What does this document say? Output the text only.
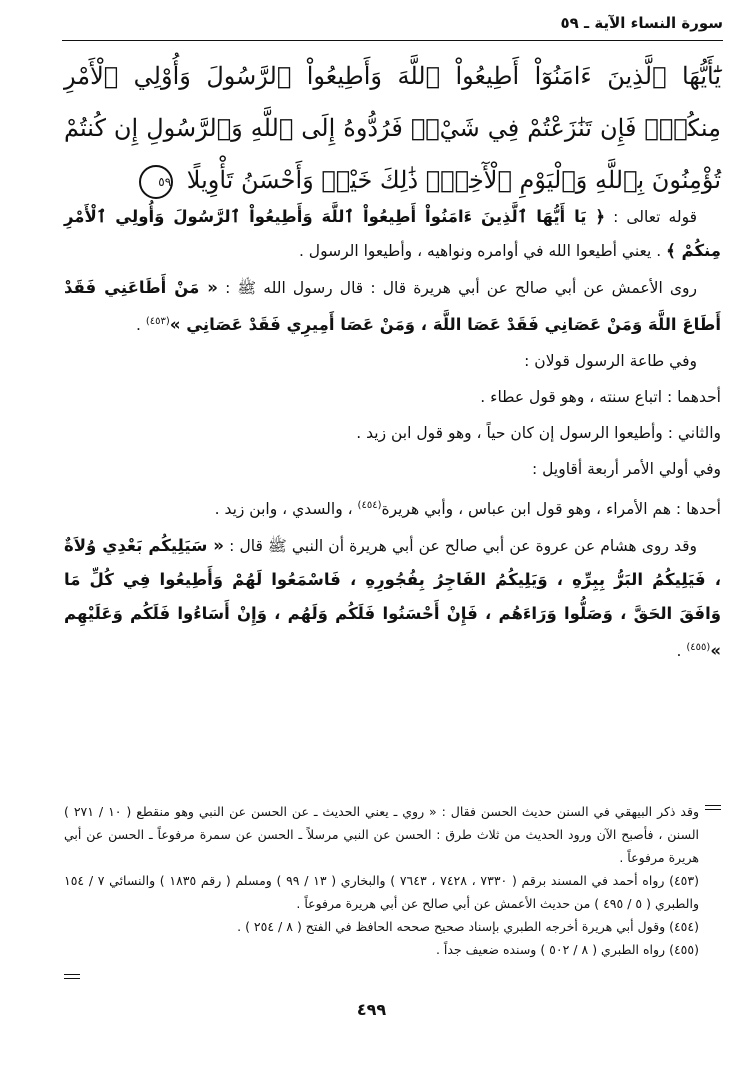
سورة النساء الآية ـ ٥٩
يَٰٓأَيُّهَا ٱلَّذِينَ ءَامَنُوٓاْ أَطِيعُواْ ٱللَّهَ وَأَطِيعُواْ ٱلرَّسُولَ وَأُوْلِي ٱلْأَمْرِ مِنكُمْۖ فَإِن تَنَٰزَعْتُمْ فِي شَيْءٖ فَرُدُّوهُ إِلَى ٱللَّهِ وَٱلرَّسُولِ إِن كُنتُمْ تُؤْمِنُونَ بِٱللَّهِ وَٱلْيَوْمِ ٱلْأٓخِرِۚ ذَٰلِكَ خَيْرٞ وَأَحْسَنُ تَأْوِيلًا ٥٩

قوله تعالى : ﴿ يَا أَيُّهَا ٱلَّذِينَ ءَامَنُواْ أَطِيعُواْ ٱللَّهَ وَأَطِيعُواْ ٱلرَّسُولَ وَأُولِي ٱلْأَمْرِ مِنكُمْ ﴾ . يعني أطيعوا الله في أوامره ونواهيه ، وأطيعوا الرسول .

روى الأعمش عن أبي صالح عن أبي هريرة قال : قال رسول الله ﷺ : « مَنْ أَطَاعَنِي فَقَدْ أَطَاعَ اللَّهَ وَمَنْ عَصَانِي فَقَدْ عَصَا اللَّهَ ، وَمَنْ عَصَا أَمِيرِي فَقَدْ عَصَانِي »$^{(٤٥٣)}$ .

وفي طاعة الرسول قولان :

أحدهما : اتباع سنته ، وهو قول عطاء .

والثاني : وأطيعوا الرسول إن كان حياً ، وهو قول ابن زيد .

وفي أولي الأمر أربعة أقاويل :

أحدها : هم الأمراء ، وهو قول ابن عباس ، وأبي هريرة$^{(٤٥٤)}$ ، والسدي ، وابن زيد .

وقد روى هشام عن عروة عن أبي صالح عن أبي هريرة أن النبي ﷺ قال : « سَيَلِيكُم بَعْدِي وُلاَةٌ ، فَيَلِيكُمُ البَرُّ بِبِرِّهِ ، وَيَلِيكُمُ الفَاجِرُ بِفُجُورِهِ ، فَاسْمَعُوا لَهُمْ وَأَطِيعُوا فِي كُلِّ مَا وَافَقَ الحَقَّ ، وَصَلُّوا وَرَاءَهُم ، فَإِنْ أَحْسَنُوا فَلَكُم وَلَهُم ، وَإِنْ أَسَاءُوا فَلَكُم وَعَلَيْهِم »$^{(٤٥٥)}$ .

وقد ذكر البيهقي في السنن حديث الحسن فقال : « روي ـ يعني الحديث ـ عن الحسن عن النبي وهو منقطع ( ١٠ / ٢٧١ ) السنن ، فأصبح الآن ورود الحديث من ثلاث طرق : الحسن عن النبي مرسلاً ـ الحسن عن سمرة مرفوعاً ـ الحسن عن أبي هريرة مرفوعاً .

(٤٥٣) رواه أحمد في المسند برقم ( ٧٣٣٠ ، ٧٤٢٨ ، ٧٦٤٣ ) والبخاري ( ١٣ / ٩٩ ) ومسلم ( رقم ١٨٣٥ ) والنسائي ٧ / ١٥٤ والطبري ( ٥ / ٤٩٥ ) من حديث الأعمش عن أبي صالح عن أبي هريرة مرفوعاً .

(٤٥٤) وقول أبي هريرة أخرجه الطبري بإسناد صحيح صححه الحافظ في الفتح ( ٨ / ٢٥٤ ) .

(٤٥٥) رواه الطبري ( ٨ / ٥٠٢ ) وسنده ضعيف جداً .

٤٩٩
